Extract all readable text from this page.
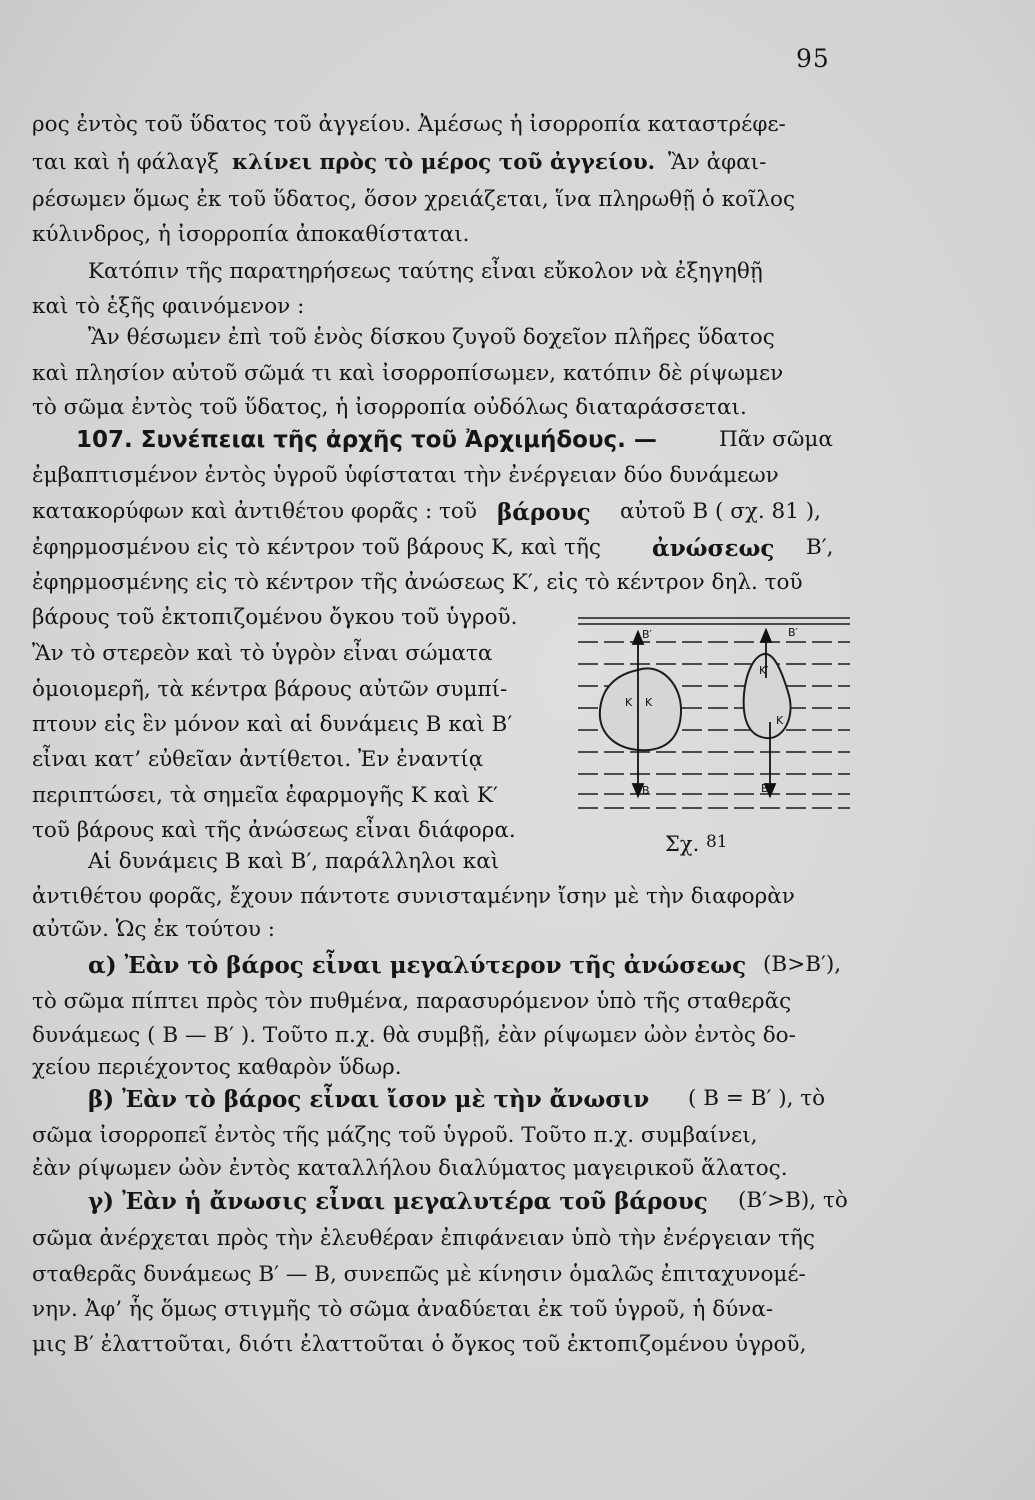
95
ρος ἐντὸς τοῦ ὕδατος τοῦ ἀγγείου. Ἀμέσως ἡ ἰσορροπία καταστρέφε-
ται καὶ ἡ φάλαγξ κλίνει πρὸς τὸ μέρος τοῦ ἀγγείου. Ἂν ἀφαι-
ρέσωμεν ὅμως ἐκ τοῦ ὕδατος, ὅσον χρειάζεται, ἵνα πληρωθῇ ὁ κοῖλος
κύλινδρος, ἡ ἰσορροπία ἀποκαθίσταται.
Κατόπιν τῆς παρατηρήσεως ταύτης εἶναι εὔκολον νὰ ἐξηγηθῇ
καὶ τὸ ἑξῆς φαινόμενον :
Ἂν θέσωμεν ἐπὶ τοῦ ἑνὸς δίσκου ζυγοῦ δοχεῖον πλῆρες ὕδατος
καὶ πλησίον αὐτοῦ σῶμά τι καὶ ἰσορροπίσωμεν, κατόπιν δὲ ρίψωμεν
τὸ σῶμα ἐντὸς τοῦ ὕδατος, ἡ ἰσορροπία οὐδόλως διαταράσσεται.
107. Συνέπειαι τῆς ἀρχῆς τοῦ Ἀρχιμήδους. —	Πᾶν σῶμα
ἐμβαπτισμένον ἐντὸς ὑγροῦ ὑφίσταται τὴν ἐνέργειαν δύο δυνάμεων
κατακορύφων καὶ ἀντιθέτου φορᾶς : τοῦ βάρους αὐτοῦ Β ( σχ. 81 ),
ἐφηρμοσμένου εἰς τὸ κέντρον τοῦ βάρους Κ, καὶ τῆς ἀνώσεως Β′,
ἐφηρμοσμένης εἰς τὸ κέντρον τῆς ἀνώσεως Κ′, εἰς τὸ κέντρον δηλ. τοῦ
βάρους τοῦ ἐκτοπιζομένου ὄγκου τοῦ ὑγροῦ.
Ἂν τὸ στερεὸν καὶ τὸ ὑγρὸν εἶναι σώματα
ὁμοιομερῆ, τὰ κέντρα βάρους αὐτῶν συμπί-
πτουν εἰς ἓν μόνον καὶ αἱ δυνάμεις Β καὶ Β′
εἶναι κατ’ εὐθεῖαν ἀντίθετοι. Ἐν ἐναντίᾳ
περιπτώσει, τὰ σημεῖα ἐφαρμογῆς Κ καὶ Κ′
τοῦ βάρους καὶ τῆς ἀνώσεως εἶναι διάφορα.
Αἱ δυνάμεις Β καὶ Β′, παράλληλοι καὶ
ἀντιθέτου φορᾶς, ἔχουν πάντοτε συνισταμένην ἴσην μὲ τὴν διαφορὰν
αὐτῶν. Ὡς ἐκ τούτου :
Β′	Β′
Κ Κ
Κ′
Κ
Β	Β
Σχ. 81
α) Ἐὰν τὸ βάρος εἶναι μεγαλύτερον τῆς ἀνώσεως (Β>Β′),
τὸ σῶμα πίπτει πρὸς τὸν πυθμένα, παρασυρόμενον ὑπὸ τῆς σταθερᾶς
δυνάμεως ( Β — Β′ ). Τοῦτο π.χ. θὰ συμβῇ, ἐὰν ρίψωμεν ὠὸν ἐντὸς δο-
χείου περιέχοντος καθαρὸν ὕδωρ.
β) Ἐὰν τὸ βάρος εἶναι ἴσον μὲ τὴν ἄνωσιν ( Β = Β′ ), τὸ
σῶμα ἰσορροπεῖ ἐντὸς τῆς μάζης τοῦ ὑγροῦ. Τοῦτο π.χ. συμβαίνει,
ἐὰν ρίψωμεν ὠὸν ἐντὸς καταλλήλου διαλύματος μαγειρικοῦ ἅλατος.
γ) Ἐὰν ἡ ἄνωσις εἶναι μεγαλυτέρα τοῦ βάρους (Β′>Β), τὸ
σῶμα ἀνέρχεται πρὸς τὴν ἐλευθέραν ἐπιφάνειαν ὑπὸ τὴν ἐνέργειαν τῆς
σταθερᾶς δυνάμεως Β′ — Β, συνεπῶς μὲ κίνησιν ὁμαλῶς ἐπιταχυνομέ-
νην. Ἀφ’ ἧς ὅμως στιγμῆς τὸ σῶμα ἀναδύεται ἐκ τοῦ ὑγροῦ, ἡ δύνα-
μις Β′ ἐλαττοῦται, διότι ἐλαττοῦται ὁ ὄγκος τοῦ ἐκτοπιζομένου ὑγροῦ,
